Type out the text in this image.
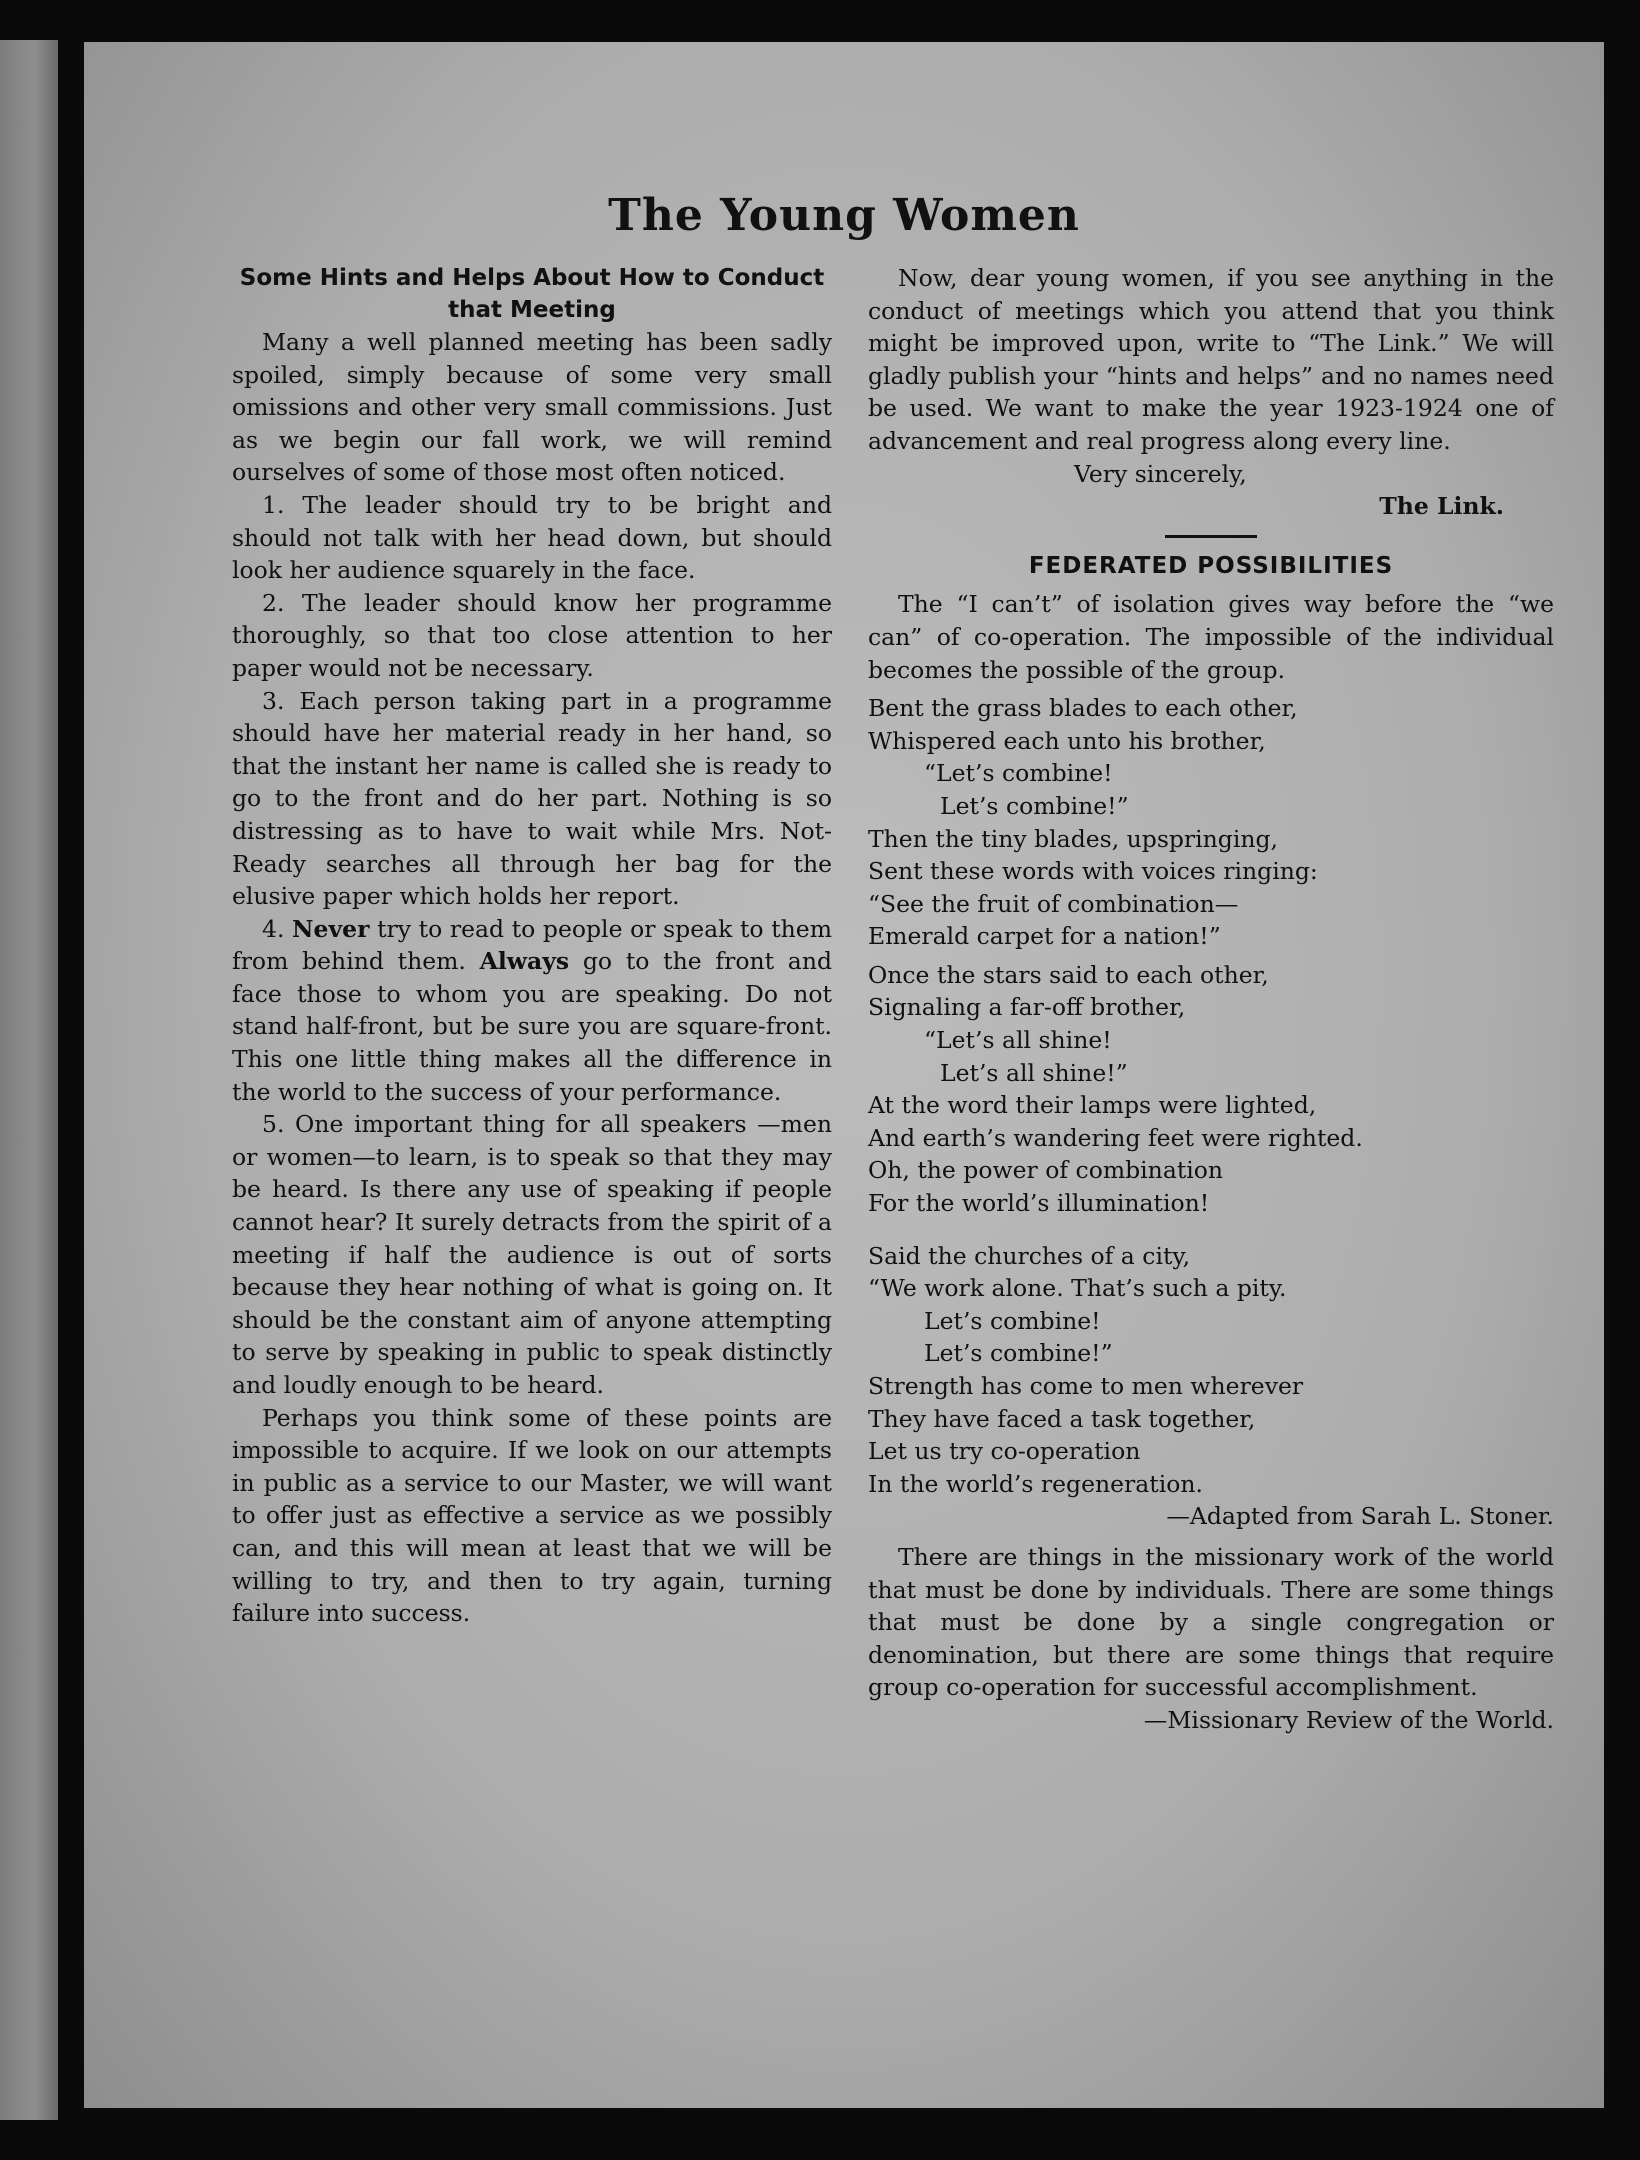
The Young Women
Some Hints and Helps About How to Conduct that Meeting

Many a well planned meeting has been sadly spoiled, simply because of some very small omissions and other very small commissions. Just as we begin our fall work, we will remind ourselves of some of those most often noticed.

1. The leader should try to be bright and should not talk with her head down, but should look her audience squarely in the face.

2. The leader should know her programme thoroughly, so that too close attention to her paper would not be necessary.

3. Each person taking part in a programme should have her material ready in her hand, so that the instant her name is called she is ready to go to the front and do her part. Nothing is so distressing as to have to wait while Mrs. Not-Ready searches all through her bag for the elusive paper which holds her report.

4. Never try to read to people or speak to them from behind them. Always go to the front and face those to whom you are speaking. Do not stand half-front, but be sure you are square-front. This one little thing makes all the difference in the world to the success of your performance.

5. One important thing for all speakers —men or women—to learn, is to speak so that they may be heard. Is there any use of speaking if people cannot hear? It surely detracts from the spirit of a meeting if half the audience is out of sorts because they hear nothing of what is going on. It should be the constant aim of anyone attempting to serve by speaking in public to speak distinctly and loudly enough to be heard.

Perhaps you think some of these points are impossible to acquire. If we look on our attempts in public as a service to our Master, we will want to offer just as effective a service as we possibly can, and this will mean at least that we will be willing to try, and then to try again, turning failure into success.

Now, dear young women, if you see anything in the conduct of meetings which you attend that you think might be improved upon, write to “The Link.” We will gladly publish your “hints and helps” and no names need be used. We want to make the year 1923-1924 one of advancement and real progress along every line.

Very sincerely,

The Link.

FEDERATED POSSIBILITIES

The “I can’t” of isolation gives way before the “we can” of co-operation. The impossible of the individual becomes the possible of the group.

Bent the grass blades to each other,

Whispered each unto his brother,

“Let’s combine!

Let’s combine!”

Then the tiny blades, upspringing,

Sent these words with voices ringing:

“See the fruit of combination—

Emerald carpet for a nation!”

Once the stars said to each other,

Signaling a far-off brother,

“Let’s all shine!

Let’s all shine!”

At the word their lamps were lighted,

And earth’s wandering feet were righted.

Oh, the power of combination

For the world’s illumination!

Said the churches of a city,

“We work alone. That’s such a pity.

Let’s combine!

Let’s combine!”

Strength has come to men wherever

They have faced a task together,

Let us try co-operation

In the world’s regeneration.

—Adapted from Sarah L. Stoner.

There are things in the missionary work of the world that must be done by individuals. There are some things that must be done by a single congregation or denomination, but there are some things that require group co-operation for successful accomplishment.

—Missionary Review of the World.
